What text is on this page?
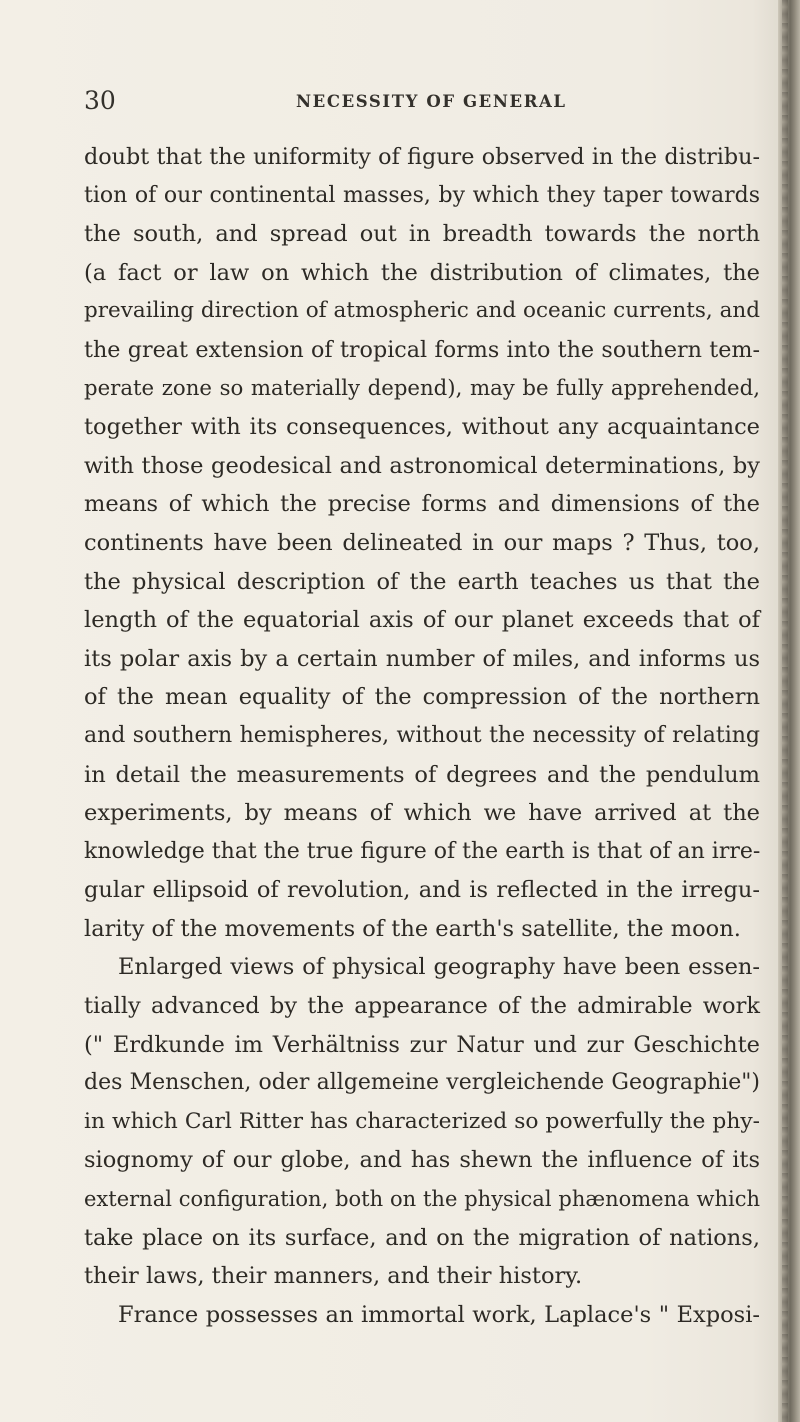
30	NECESSITY OF GENERAL
doubt that the uniformity of figure observed in the distribu-
tion of our continental masses, by which they taper towards
the south, and spread out in breadth towards the north
(a fact or law on which the distribution of climates, the
prevailing direction of atmospheric and oceanic currents, and
the great extension of tropical forms into the southern tem-
perate zone so materially depend), may be fully apprehended,
together with its consequences, without any acquaintance
with those geodesical and astronomical determinations, by
means of which the precise forms and dimensions of the
continents have been delineated in our maps ? Thus, too,
the physical description of the earth teaches us that the
length of the equatorial axis of our planet exceeds that of
its polar axis by a certain number of miles, and informs us
of the mean equality of the compression of the northern
and southern hemispheres, without the necessity of relating
in detail the measurements of degrees and the pendulum
experiments, by means of which we have arrived at the
knowledge that the true figure of the earth is that of an irre-
gular ellipsoid of revolution, and is reflected in the irregu-
larity of the movements of the earth's satellite, the moon.
Enlarged views of physical geography have been essen-
tially advanced by the appearance of the admirable work
(" Erdkunde im Verhältniss zur Natur und zur Geschichte
des Menschen, oder allgemeine vergleichende Geographie")
in which Carl Ritter has characterized so powerfully the phy-
siognomy of our globe, and has shewn the influence of its
external configuration, both on the physical phænomena which
take place on its surface, and on the migration of nations,
their laws, their manners, and their history.
France possesses an immortal work, Laplace's " Exposi-
